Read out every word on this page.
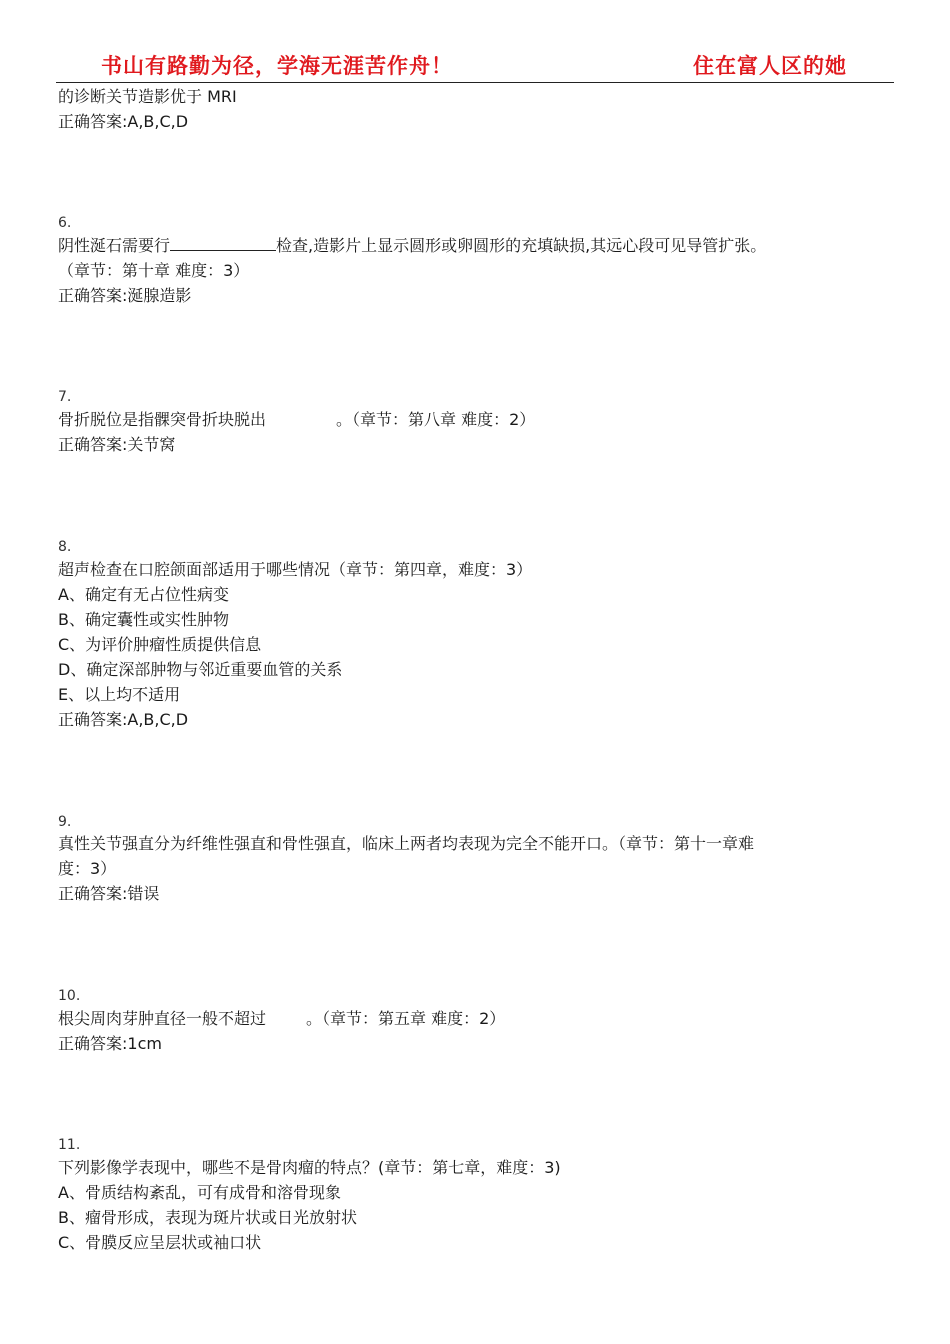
书山有路勤为径，学海无涯苦作舟！	住在富人区的她
的诊断关节造影优于 MRI
正确答案:A,B,C,D
6.
阴性涎石需要行	检查,造影片上显示圆形或卵圆形的充填缺损,其远心段可见导管扩张。
（章节：第十章 难度：3）
正确答案:涎腺造影
7.
骨折脱位是指髁突骨折块脱出	。（章节：第八章 难度：2）
正确答案:关节窝
8.
超声检查在口腔颌面部适用于哪些情况（章节：第四章，难度：3）
A、确定有无占位性病变
B、确定囊性或实性肿物
C、为评价肿瘤性质提供信息
D、确定深部肿物与邻近重要血管的关系
E、以上均不适用
正确答案:A,B,C,D
9.
真性关节强直分为纤维性强直和骨性强直，临床上两者均表现为完全不能开口。（章节：第十一章难
度：3）
正确答案:错误
10.
根尖周肉芽肿直径一般不超过	。（章节：第五章 难度：2）
正确答案:1cm
11.
下列影像学表现中，哪些不是骨肉瘤的特点？(章节：第七章，难度：3)
A、骨质结构紊乱，可有成骨和溶骨现象
B、瘤骨形成，表现为斑片状或日光放射状
C、骨膜反应呈层状或袖口状
